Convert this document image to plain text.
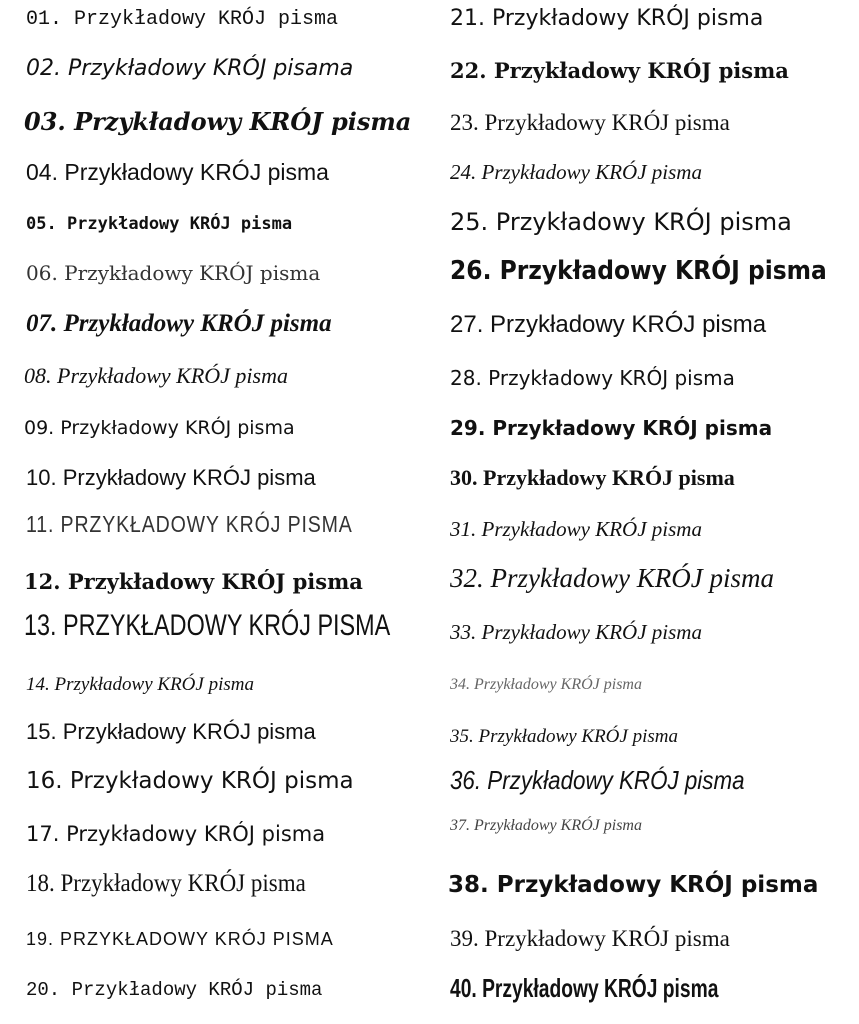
01. Przykładowy KRÓJ pisma
02. Przykładowy KRÓJ pisama
03. Przykładowy KRÓJ pisma
04. Przykładowy KRÓJ pisma
05. Przykładowy KRÓJ pisma
06. Przykładowy KRÓJ pisma
07. Przykładowy KRÓJ pisma
08. Przykładowy KRÓJ pisma
09. Przykładowy KRÓJ pisma
10. Przykładowy KRÓJ pisma
11. PRZYKŁADOWY KRÓJ PISMA
12. Przykładowy KRÓJ pisma
13. PRZYKŁADOWY KRÓJ PISMA
14. Przykładowy KRÓJ pisma
15. Przykładowy KRÓJ pisma
16. Przykładowy KRÓJ pisma
17. Przykładowy KRÓJ pisma
18. Przykładowy KRÓJ pisma
19. PRZYKŁADOWY KRÓJ PISMA
20. Przykładowy KRÓJ pisma
21. Przykładowy KRÓJ pisma
22. Przykładowy KRÓJ pisma
23. Przykładowy KRÓJ pisma
24. Przykładowy KRÓJ pisma
25. Przykładowy KRÓJ pisma
26. Przykładowy KRÓJ pisma
27. Przykładowy KRÓJ pisma
28. Przykładowy KRÓJ pisma
29. Przykładowy KRÓJ pisma
30. Przykładowy KRÓJ pisma
31. Przykładowy KRÓJ pisma
32. Przykładowy KRÓJ pisma
33. Przykładowy KRÓJ pisma
34. Przykładowy KRÓJ pisma
35. Przykładowy KRÓJ pisma
36. Przykładowy KRÓJ pisma
37. Przykładowy KRÓJ pisma
38. Przykładowy KRÓJ pisma
39. Przykładowy KRÓJ pisma
40. Przykładowy KRÓJ pisma
